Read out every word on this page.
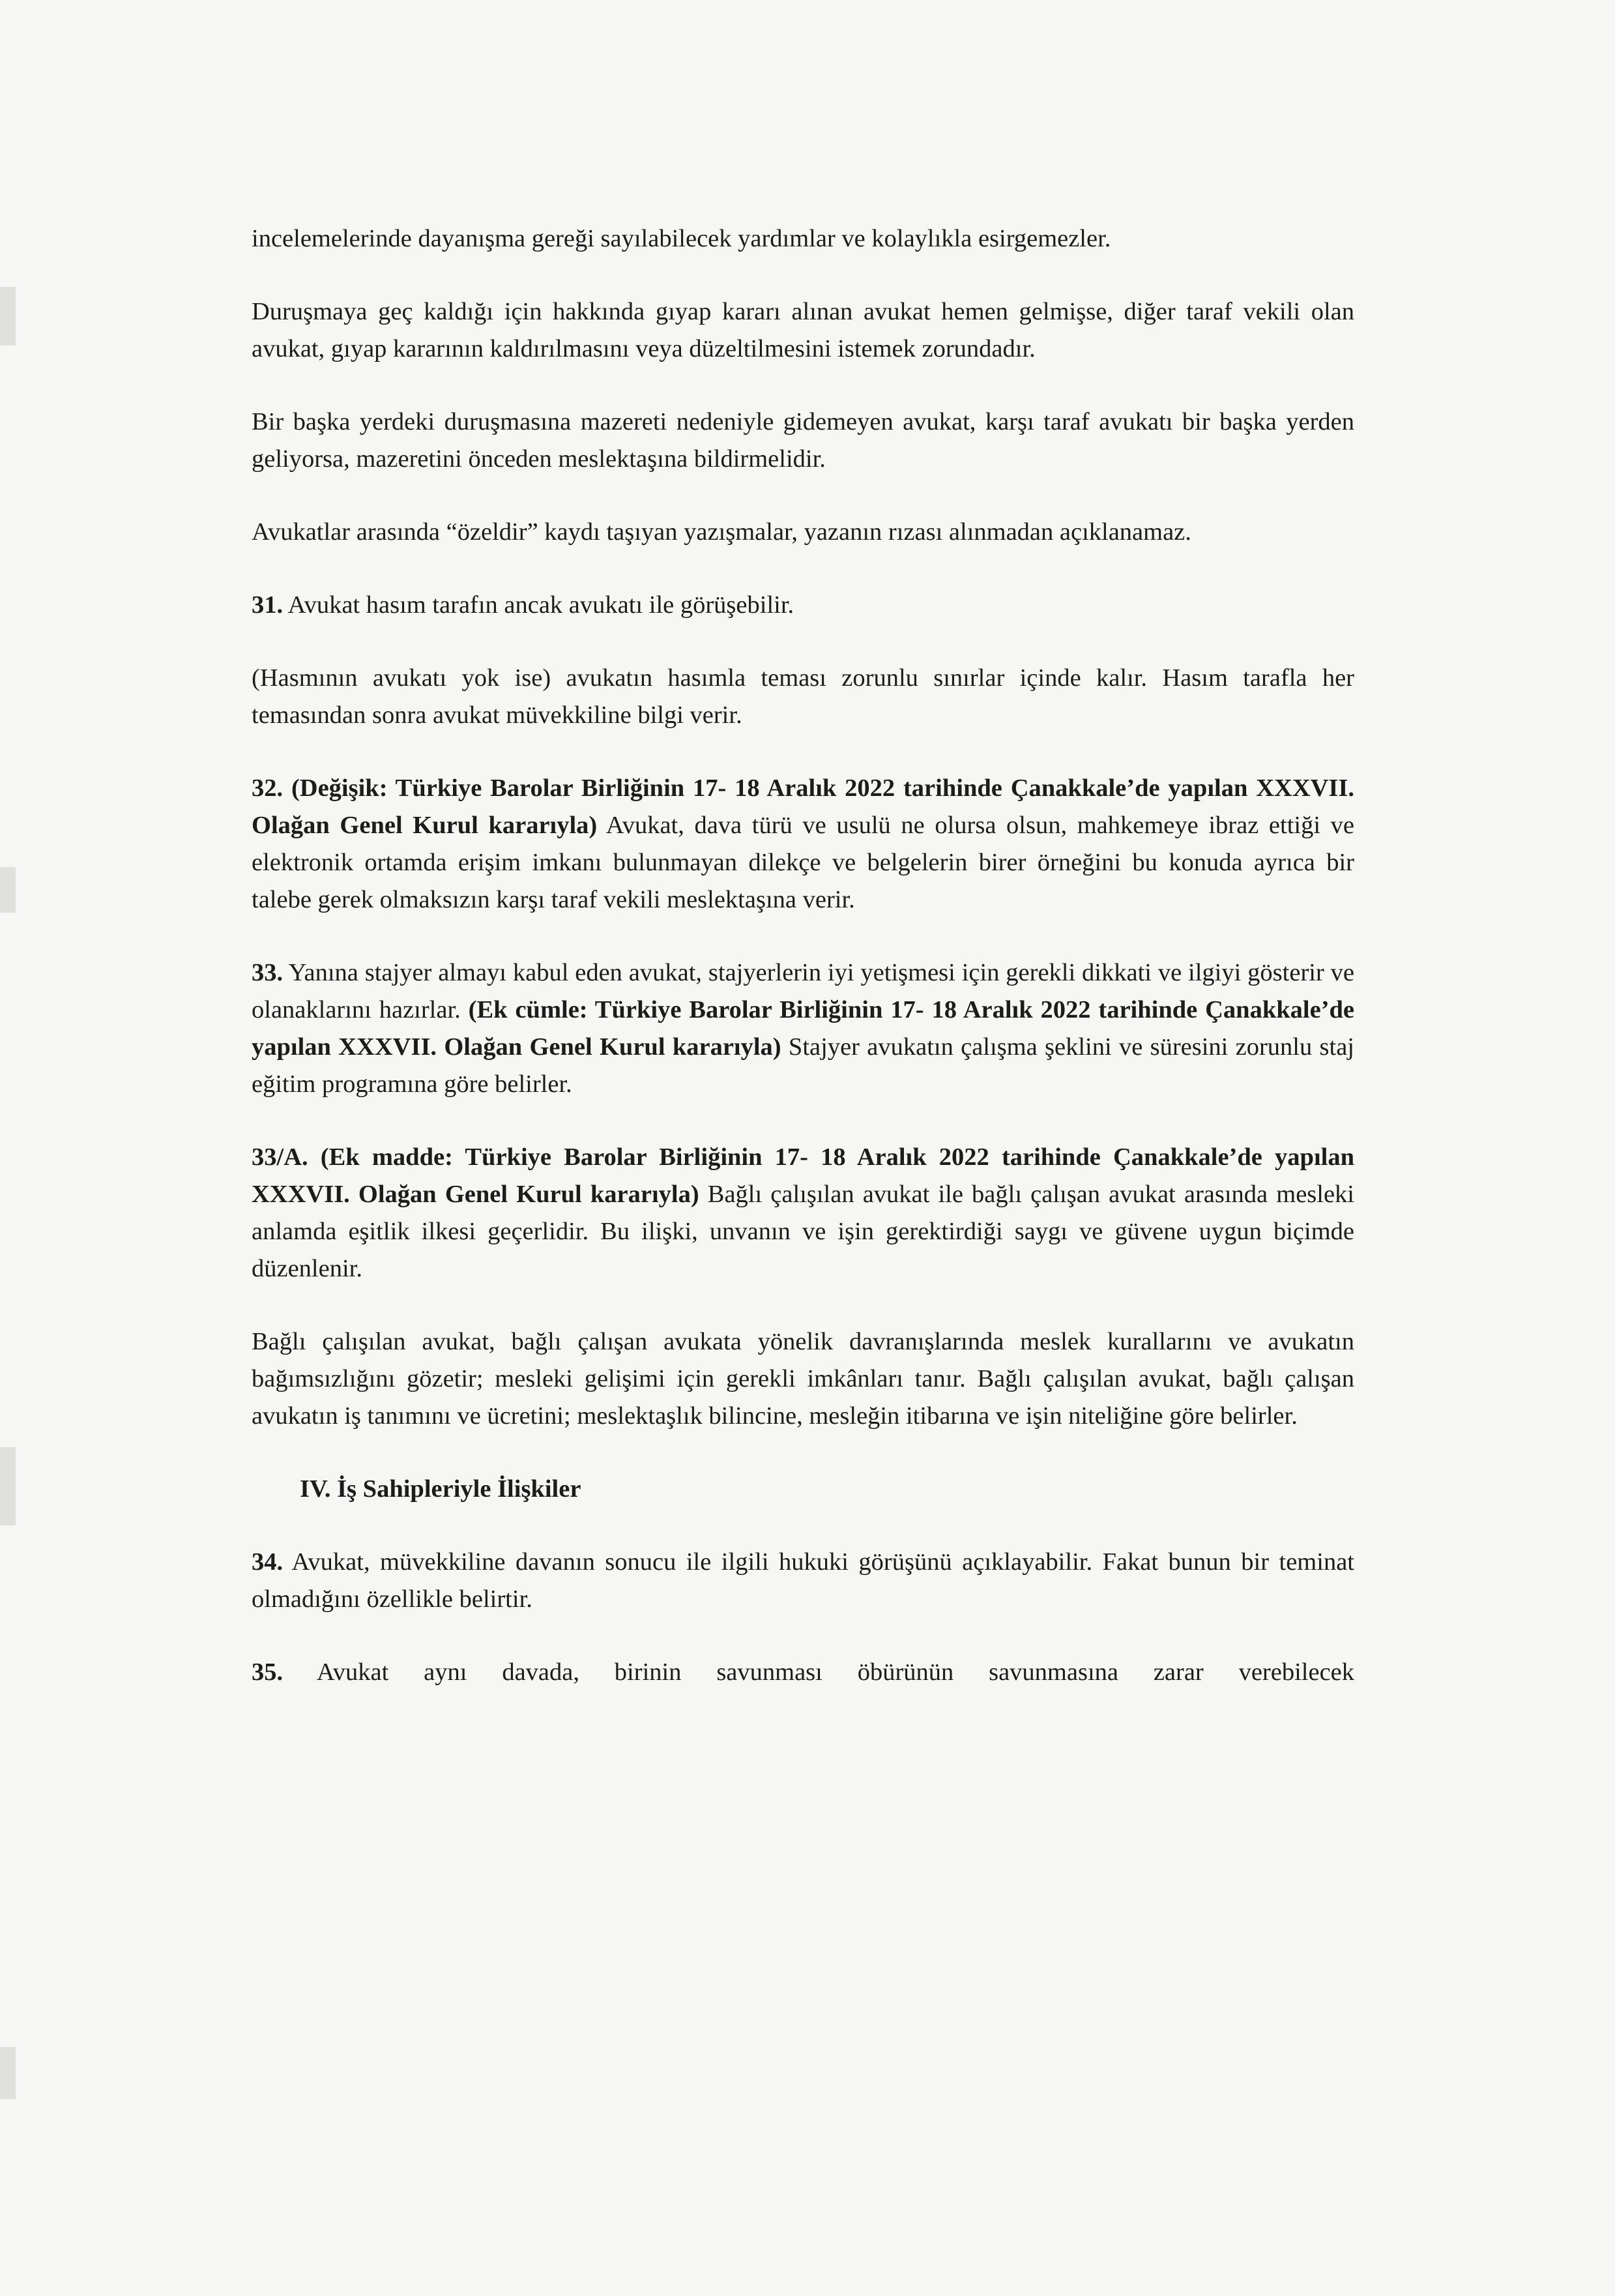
incelemelerinde dayanışma gereği sayılabilecek yardımlar ve kolaylıkla esirgemezler.

Duruşmaya geç kaldığı için hakkında gıyap kararı alınan avukat hemen gelmişse, diğer taraf vekili olan avukat, gıyap kararının kaldırılmasını veya düzeltilmesini istemek zorundadır.

Bir başka yerdeki duruşmasına mazereti nedeniyle gidemeyen avukat, karşı taraf avukatı bir başka yerden geliyorsa, mazeretini önceden meslektaşına bildirmelidir.

Avukatlar arasında “özeldir” kaydı taşıyan yazışmalar, yazanın rızası alınmadan açıklanamaz.

31. Avukat hasım tarafın ancak avukatı ile görüşebilir.

(Hasmının avukatı yok ise) avukatın hasımla teması zorunlu sınırlar içinde kalır. Hasım tarafla her temasından sonra avukat müvekkiline bilgi verir.

32. (Değişik: Türkiye Barolar Birliğinin 17- 18 Aralık 2022 tarihinde Çanakkale’de yapılan XXXVII. Olağan Genel Kurul kararıyla) Avukat, dava türü ve usulü ne olursa olsun, mahkemeye ibraz ettiği ve elektronik ortamda erişim imkanı bulunmayan dilekçe ve belgelerin birer örneğini bu konuda ayrıca bir talebe gerek olmaksızın karşı taraf vekili meslektaşına verir.

33. Yanına stajyer almayı kabul eden avukat, stajyerlerin iyi yetişmesi için gerekli dikkati ve ilgiyi gösterir ve olanaklarını hazırlar. (Ek cümle: Türkiye Barolar Birliğinin 17- 18 Aralık 2022 tarihinde Çanakkale’de yapılan XXXVII. Olağan Genel Kurul kararıyla) Stajyer avukatın çalışma şeklini ve süresini zorunlu staj eğitim programına göre belirler.

33/A. (Ek madde: Türkiye Barolar Birliğinin 17- 18 Aralık 2022 tarihinde Çanakkale’de yapılan XXXVII. Olağan Genel Kurul kararıyla) Bağlı çalışılan avukat ile bağlı çalışan avukat arasında mesleki anlamda eşitlik ilkesi geçerlidir. Bu ilişki, unvanın ve işin gerektirdiği saygı ve güvene uygun biçimde düzenlenir.

Bağlı çalışılan avukat, bağlı çalışan avukata yönelik davranışlarında meslek kurallarını ve avukatın bağımsızlığını gözetir; mesleki gelişimi için gerekli imkânları tanır. Bağlı çalışılan avukat, bağlı çalışan avukatın iş tanımını ve ücretini; meslektaşlık bilincine, mesleğin itibarına ve işin niteliğine göre belirler.

IV. İş Sahipleriyle İlişkiler

34. Avukat, müvekkiline davanın sonucu ile ilgili hukuki görüşünü açıklayabilir. Fakat bunun bir teminat olmadığını özellikle belirtir.

35. Avukat aynı davada, birinin savunması öbürünün savunmasına zarar verebilecek
